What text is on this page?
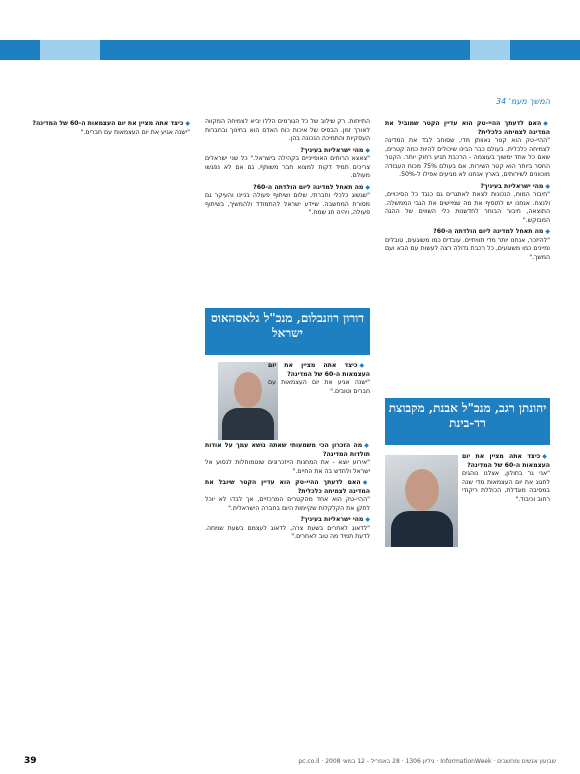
המשך מעמ' 34
◆ האם לדעתך ההיי-טק הוא עדיין הקטר שמוביל את המדינה לצמיחה כלכלית?
"ההיי-טק הוא קטר גאוותן מדי, שסוחב לבד את המדינה לצמיחה כלכלית. בעולם כבר הבינו שיכולים להיות כמה קטרים, שאם כל אחד ימשוך בעוצמה - הרכבת תגיע רחוק יותר. הקטר החסר ביותר הוא קטר השירות. אם בעולם 75% מכוח העבודה מוכוונים לשירותים, בארץ אנחנו לא מגיעים אפילו ל-50%.
◆ מהי ישראליות בעיניך?
"חיבור המוח, הנכונות לצאת לאתגרים גם כנגד כל הסיכויים, ולנצח. אנחנו יש לתוסיף את מה שמיישים את הגבי הממשלה. התוצאה, חיבור הבוחר לחדשנות כלי השווים של ההגה המבוקש."
◆ מה תאחל למדינה ליום הולדתה ה-60?
"להיזכר, אנחנו יותר מדי תוויתיים. עובדים כמו משוגעים, טובלים ומיינים כמו משוגעים, כל רכבת גדולה רצה לעשות עם הבא ועם המשך."
יהונתן רגב, מנכ"ל אבנת, מקבוצת רד-בינת
◆ כיצד אתה מציין את יום העצמאות ה-60 של המדינה?
"אני גר בחולון, אצלנו נוהגים לחגוג את יום העצמאות מדי שנה במסיבה מוגדלת, הכוללת ריקודי רחוב וכיבוד."
התייחות. רק שילוב של כל הגורמים הללו יביא לצמיחה המקווה לאורך זמן. הבסיס של איכות כוח האדם הוא בחינוך ובחברות העסקיות והתמיכה הנכונה בהן.
◆ מהי ישראליות בעיניך?
"צאצא הרוחים האופייניים בקהילה בישראל." כל שני ישראלים צריכים תמיד דקות למצוא חבר משותף, גם אם לא נפגשו מעולם.
◆ מה תאחל למדינה ליום הולדתה ה-60?
"שגשוג כלכלי וחברתי, שלום ושיתוף פעולה בניינו והעיקר גם מסורת המחשבה. שיידע ישראל להתמודד ולהמשיך, בשיתוף פעולה, ויהיה חג שמח."
דורון רוזנבלום, מנכ"ל גלאסהאוס ישראל
◆ כיצד אתה מציין את יום העצמאות ה-60 של המדינה?
"ישנה אגיע את יום העצמאות עם חברים וטובים."
◆ מה הזכרון הכי משמעותי שאתה נושא עמך על אודות תולדות המדינה?
"אירוע יוצא - את המחנות הייזכרונים שוטמוחלות לנסוע אל ישראל ולחדש בה את החיים."
◆ האם לדעתך ההיי-טק הוא עדיין הקטר שיובל את המדינה לצמיחה כלכלית?
"ההיי-טק הוא אחד מהקטרים המרכזיים, אך לבדו לא יוכל לתקן את הקלקלות שקיימות היום בחברה הישראלית."
◆ מהי ישראליות בעיניך?
"לדאוג לאחרים בשעת צרה, לדאוג לעצמם בשעת שמחה. לדעת תמיד מה טוב לאחרים."
◆ כיצד אתה מציין את יום העצמאות ה-60 של המדינה?
"ישנה אגיע את יום העצמאות עם חברים."
שבועון אנשים ומחשבים · InformationWeek · גיליון 1306 · 28 באפריל - 12 במאי 2008 · pc.co.il
39
